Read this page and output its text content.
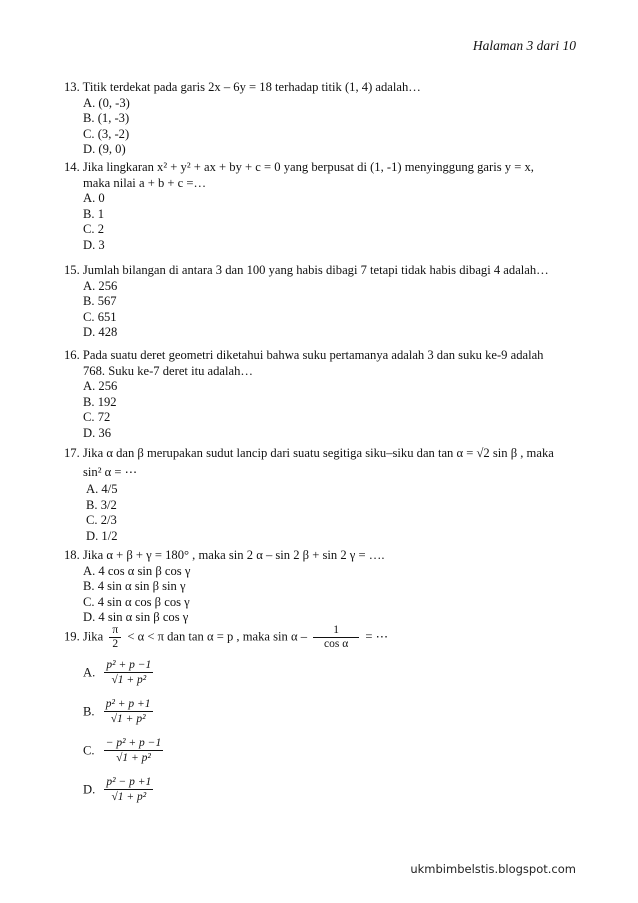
Halaman 3 dari 10
13. Titik terdekat pada garis 2x – 6y = 18 terhadap titik (1, 4) adalah…
A. (0, -3)
B. (1, -3)
C. (3, -2)
D. (9, 0)
14. Jika lingkaran x² + y² + ax + by + c = 0 yang berpusat di (1, -1) menyinggung garis y = x,
maka nilai a + b + c =…
A. 0
B. 1
C. 2
D. 3
15. Jumlah bilangan di antara 3 dan 100 yang habis dibagi 7 tetapi tidak habis dibagi 4 adalah…
A. 256
B. 567
C. 651
D. 428
16. Pada suatu deret geometri diketahui bahwa suku pertamanya adalah 3 dan suku ke-9 adalah
768. Suku ke-7 deret itu adalah…
A. 256
B. 192
C. 72
D. 36
17. Jika α dan β merupakan sudut lancip dari suatu segitiga siku–siku dan tan α = √2 sin β , maka
sin² α = ⋯
A. 4/5
B. 3/2
C. 2/3
D. 1/2
18. Jika α + β + γ = 180° , maka sin 2 α – sin 2 β + sin 2 γ = ….
A. 4 cos α sin β cos γ
B. 4 sin α sin β sin γ
C. 4 sin α cos β cos γ
D. 4 sin α sin β cos γ
19. Jika $\frac{\pi}{2} < \alpha < \pi$ dan tan α = p , maka sin α – $\frac{1}{\text{cos α}}$ = ⋯
A. $\frac{\text{p² + p −1}}{\text{√1 + p²}}$
B. $\frac{\text{p² + p +1}}{\text{√1 + p²}}$
C. $\frac{\text{− p² + p −1}}{\text{√1 + p²}}$
D. $\frac{\text{p² − p +1}}{\text{√1 + p²}}$
ukmbimbelstis.blogspot.com
